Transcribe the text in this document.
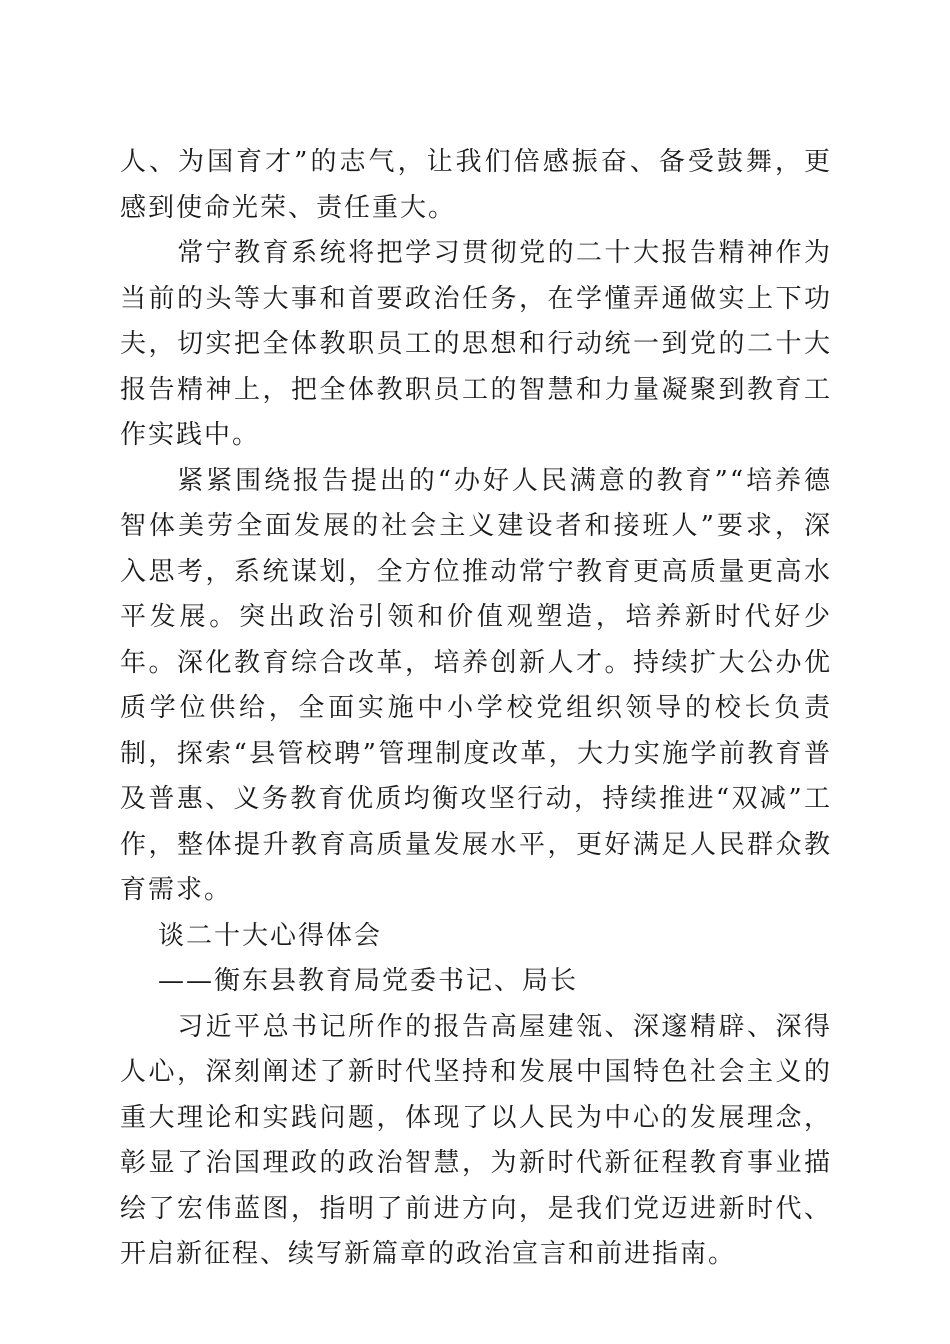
人、为国育才”的志气，让我们倍感振奋、备受鼓舞，更感到使命光荣、责任重大。

常宁教育系统将把学习贯彻党的二十大报告精神作为当前的头等大事和首要政治任务，在学懂弄通做实上下功夫，切实把全体教职员工的思想和行动统一到党的二十大报告精神上，把全体教职员工的智慧和力量凝聚到教育工作实践中。

紧紧围绕报告提出的“办好人民满意的教育”“培养德智体美劳全面发展的社会主义建设者和接班人”要求，深入思考，系统谋划，全方位推动常宁教育更高质量更高水平发展。突出政治引领和价值观塑造，培养新时代好少年。深化教育综合改革，培养创新人才。持续扩大公办优质学位供给，全面实施中小学校党组织领导的校长负责制，探索“县管校聘”管理制度改革，大力实施学前教育普及普惠、义务教育优质均衡攻坚行动，持续推进“双减”工作，整体提升教育高质量发展水平，更好满足人民群众教育需求。

谈二十大心得体会

——衡东县教育局党委书记、局长

习近平总书记所作的报告高屋建瓴、深邃精辟、深得人心，深刻阐述了新时代坚持和发展中国特色社会主义的重大理论和实践问题，体现了以人民为中心的发展理念，彰显了治国理政的政治智慧，为新时代新征程教育事业描绘了宏伟蓝图，指明了前进方向，是我们党迈进新时代、开启新征程、续写新篇章的政治宣言和前进指南。
